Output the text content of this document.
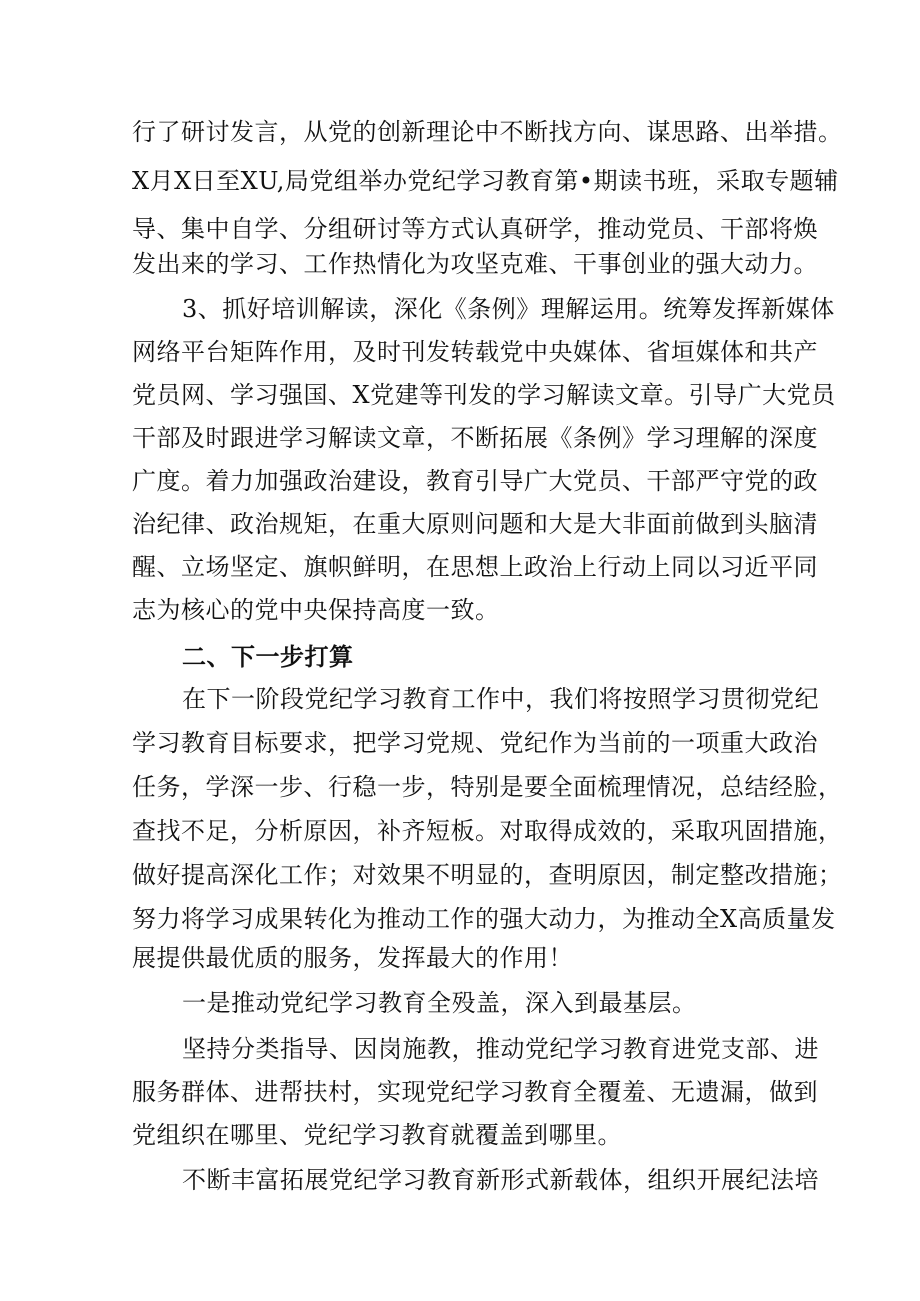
行了研讨发言，从党的创新理论中不断找方向、谋思路、出举措。
X月X日至XU,局党组举办党纪学习教育第•期读书班，采取专题辅
导、集中自学、分组研讨等方式认真研学，推动党员、干部将焕
发出来的学习、工作热情化为攻坚克难、干事创业的强大动力。
3、抓好培训解读，深化《条例》理解运用。统筹发挥新媒体
网络平台矩阵作用，及时刊发转载党中央媒体、省垣媒体和共产
党员网、学习强国、X党建等刊发的学习解读文章。引导广大党员
干部及时跟进学习解读文章，不断拓展《条例》学习理解的深度
广度。着力加强政治建设，教育引导广大党员、干部严守党的政
治纪律、政治规矩，在重大原则问题和大是大非面前做到头脑清
醒、立场坚定、旗帜鲜明，在思想上政治上行动上同以习近平同
志为核心的党中央保持高度一致。
二、下一步打算
在下一阶段党纪学习教育工作中，我们将按照学习贯彻党纪
学习教育目标要求，把学习党规、党纪作为当前的一项重大政治
任务，学深一步、行稳一步，特别是要全面梳理情况，总结经脸，
查找不足，分析原因，补齐短板。对取得成效的，采取巩固措施，
做好提高深化工作；对效果不明显的，查明原因，制定整改措施；
努力将学习成果转化为推动工作的强大动力，为推动全X高质量发
展提供最优质的服务，发挥最大的作用！
一是推动党纪学习教育全殁盖，深入到最基层。
坚持分类指导、因岗施教，推动党纪学习教育进党支部、进
服务群体、进帮扶村，实现党纪学习教育全覆羞、无遗漏，做到
党组织在哪里、党纪学习教育就覆盖到哪里。
不断丰富拓展党纪学习教育新形式新载体，组织开展纪法培
